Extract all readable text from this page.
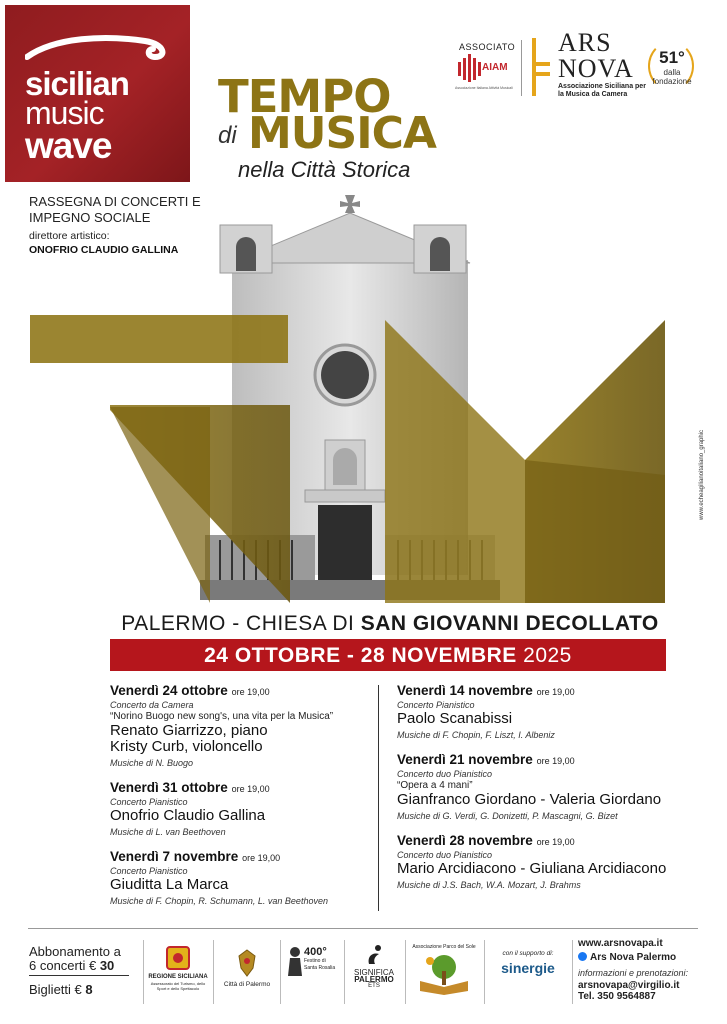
sicilian
music
wave
TEMPO
di MUSICA
nella Città Storica
RASSEGNA DI CONCERTI E IMPEGNO SOCIALE
direttore artistico:
ONOFRIO CLAUDIO GALLINA
ASSOCIATO
AIAM
Associazione Italiana Attività Musicali
ARS
NOVA
Associazione Siciliana per la Musica da Camera
51°
dalla fondazione
www.echeagilianoitaliano_graphic
PALERMO - CHIESA DI SAN GIOVANNI DECOLLATO
24 OTTOBRE - 28 NOVEMBRE 2025
Venerdì 24 ottobre ore 19,00
Concerto da Camera
“Norino Buogo new song's, una vita per la Musica”
Renato Giarrizzo, piano
Kristy Curb, violoncello
Musiche di N. Buogo
Venerdì 31 ottobre ore 19,00
Concerto Pianistico
Onofrio Claudio Gallina
Musiche di L. van Beethoven
Venerdì 7 novembre ore 19,00
Concerto Pianistico
Giuditta La Marca
Musiche di F. Chopin, R. Schumann, L. van Beethoven
Venerdì 14 novembre ore 19,00
Concerto Pianistico
Paolo Scanabissi
Musiche di F. Chopin, F. Liszt, I. Albeniz
Venerdì 21 novembre ore 19,00
Concerto duo Pianistico
“Opera a 4 mani”
Gianfranco Giordano - Valeria Giordano
Musiche di G. Verdi, G. Donizetti, P. Mascagni, G. Bizet
Venerdì 28 novembre ore 19,00
Concerto duo Pianistico
Mario Arcidiacono - Giuliana Arcidiacono
Musiche di J.S. Bach, W.A. Mozart, J. Brahms
Abbonamento a
6 concerti € 30
Biglietti € 8
REGIONE SICILIANA
Assessorato del Turismo, dello Sport e dello Spettacolo
Città di Palermo
400°
Festino di Santa Rosalia	SIGNIFICA
PALERMO
ETS
Associazione Parco del Sole
con il supporto di:
sinergie
www.arsnovapa.it
Ars Nova Palermo
informazioni e prenotazioni:
arsnovapa@virgilio.it
Tel. 350 9564887
